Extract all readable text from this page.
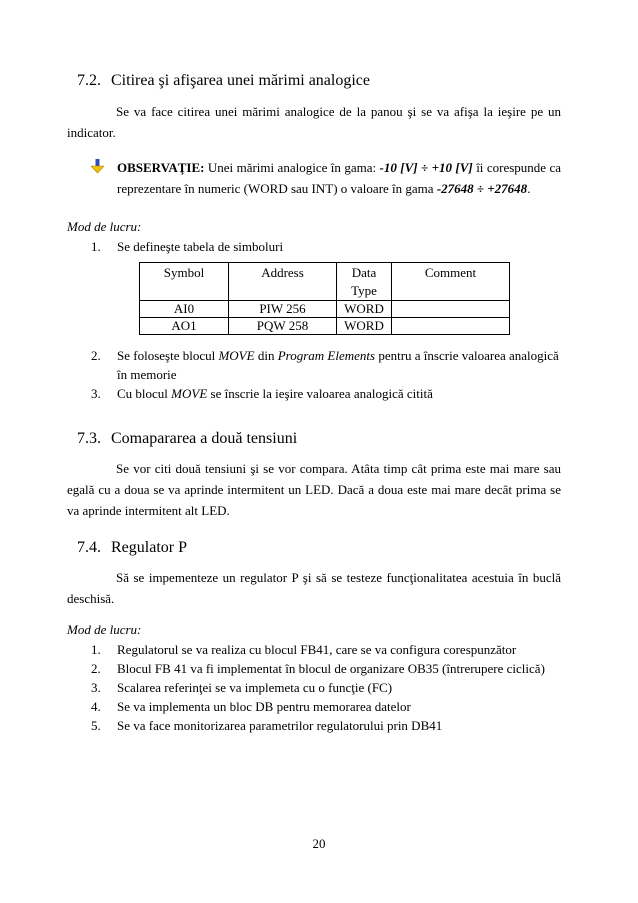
7.2. Citirea şi afişarea unei mărimi analogice
Se va face citirea unei mărimi analogice de la panou şi se va afişa la ieşire pe un indicator.
OBSERVAŢIE: Unei mărimi analogice în gama: -10 [V] ÷ +10 [V] îi corespunde ca reprezentare în numeric (WORD sau INT) o valoare în gama -27648 ÷ +27648.
Mod de lucru:
1. Se defineşte tabela de simboluri
Symbol	Address	Data Type	Comment
AI0	PIW 256	WORD	
AO1	PQW 258	WORD	
2. Se foloseşte blocul MOVE din Program Elements pentru a înscrie valoarea analogică în memorie
3. Cu blocul MOVE se înscrie la ieşire valoarea analogică citită
7.3. Comapararea a două tensiuni
Se vor citi două tensiuni şi se vor compara. Atâta timp cât prima este mai mare sau egală cu a doua se va aprinde intermitent un LED. Dacă a doua este mai mare decât prima se va aprinde intermitent alt LED.
7.4. Regulator P
Să se impementeze un regulator P şi să se testeze funcţionalitatea acestuia în buclă deschisă.
Mod de lucru:
1. Regulatorul se va realiza cu blocul FB41, care se va configura corespunzător
2. Blocul FB 41 va fi implementat în blocul de organizare OB35 (întrerupere ciclică)
3. Scalarea referinţei se va implemeta cu o funcţie (FC)
4. Se va implementa un bloc DB pentru memorarea datelor
5. Se va face monitorizarea parametrilor regulatorului prin DB41
20
